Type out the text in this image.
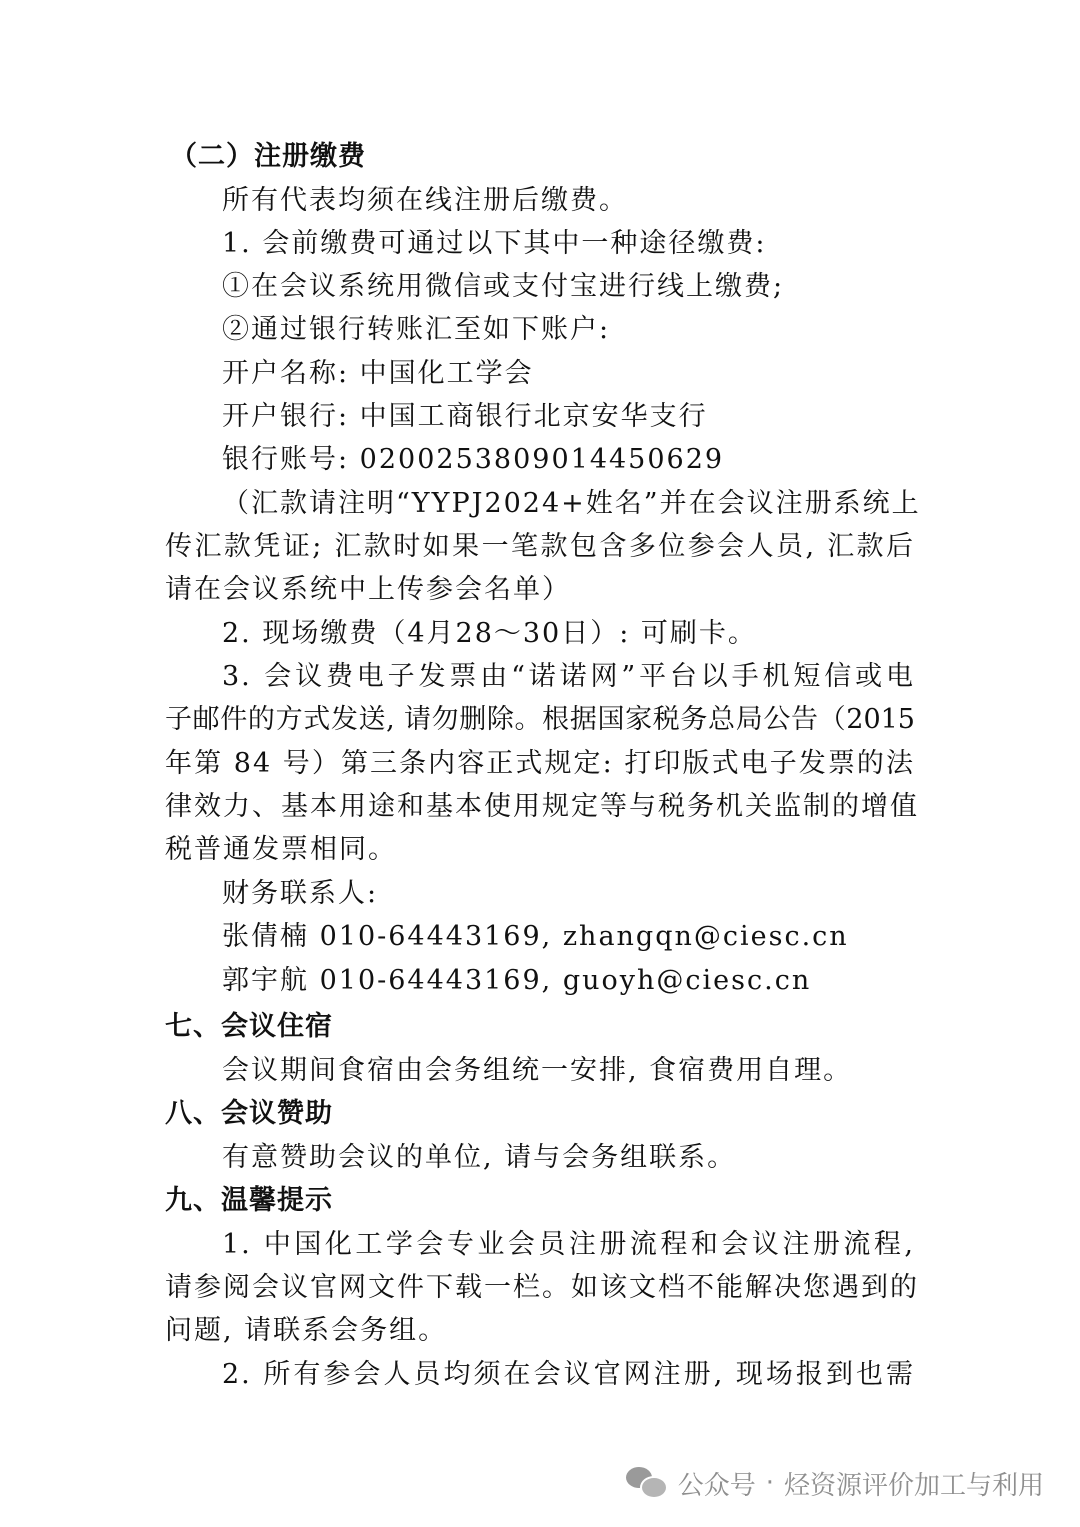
（二）注册缴费
所有代表均须在线注册后缴费。
1. 会前缴费可通过以下其中一种途径缴费:
①在会议系统用微信或支付宝进行线上缴费;
②通过银行转账汇至如下账户:
开户名称: 中国化工学会
开户银行: 中国工商银行北京安华支行
银行账号: 0200253809014450629
（汇款请注明“YYPJ2024+姓名”并在会议注册系统上
传汇款凭证; 汇款时如果一笔款包含多位参会人员, 汇款后
请在会议系统中上传参会名单）
2. 现场缴费（4月28～30日）: 可刷卡。
3. 会议费电子发票由“诺诺网”平台以手机短信或电
子邮件的方式发送, 请勿删除。根据国家税务总局公告（2015
年第 84 号）第三条内容正式规定: 打印版式电子发票的法
律效力、基本用途和基本使用规定等与税务机关监制的增值
税普通发票相同。
财务联系人:
张倩楠 010-64443169, zhangqn@ciesc.cn
郭宇航 010-64443169, guoyh@ciesc.cn
七、会议住宿
会议期间食宿由会务组统一安排, 食宿费用自理。
八、会议赞助
有意赞助会议的单位, 请与会务组联系。
九、温馨提示
1. 中国化工学会专业会员注册流程和会议注册流程,
请参阅会议官网文件下载一栏。如该文档不能解决您遇到的
问题, 请联系会务组。
2. 所有参会人员均须在会议官网注册, 现场报到也需
公众号 · 烃资源评价加工与利用
